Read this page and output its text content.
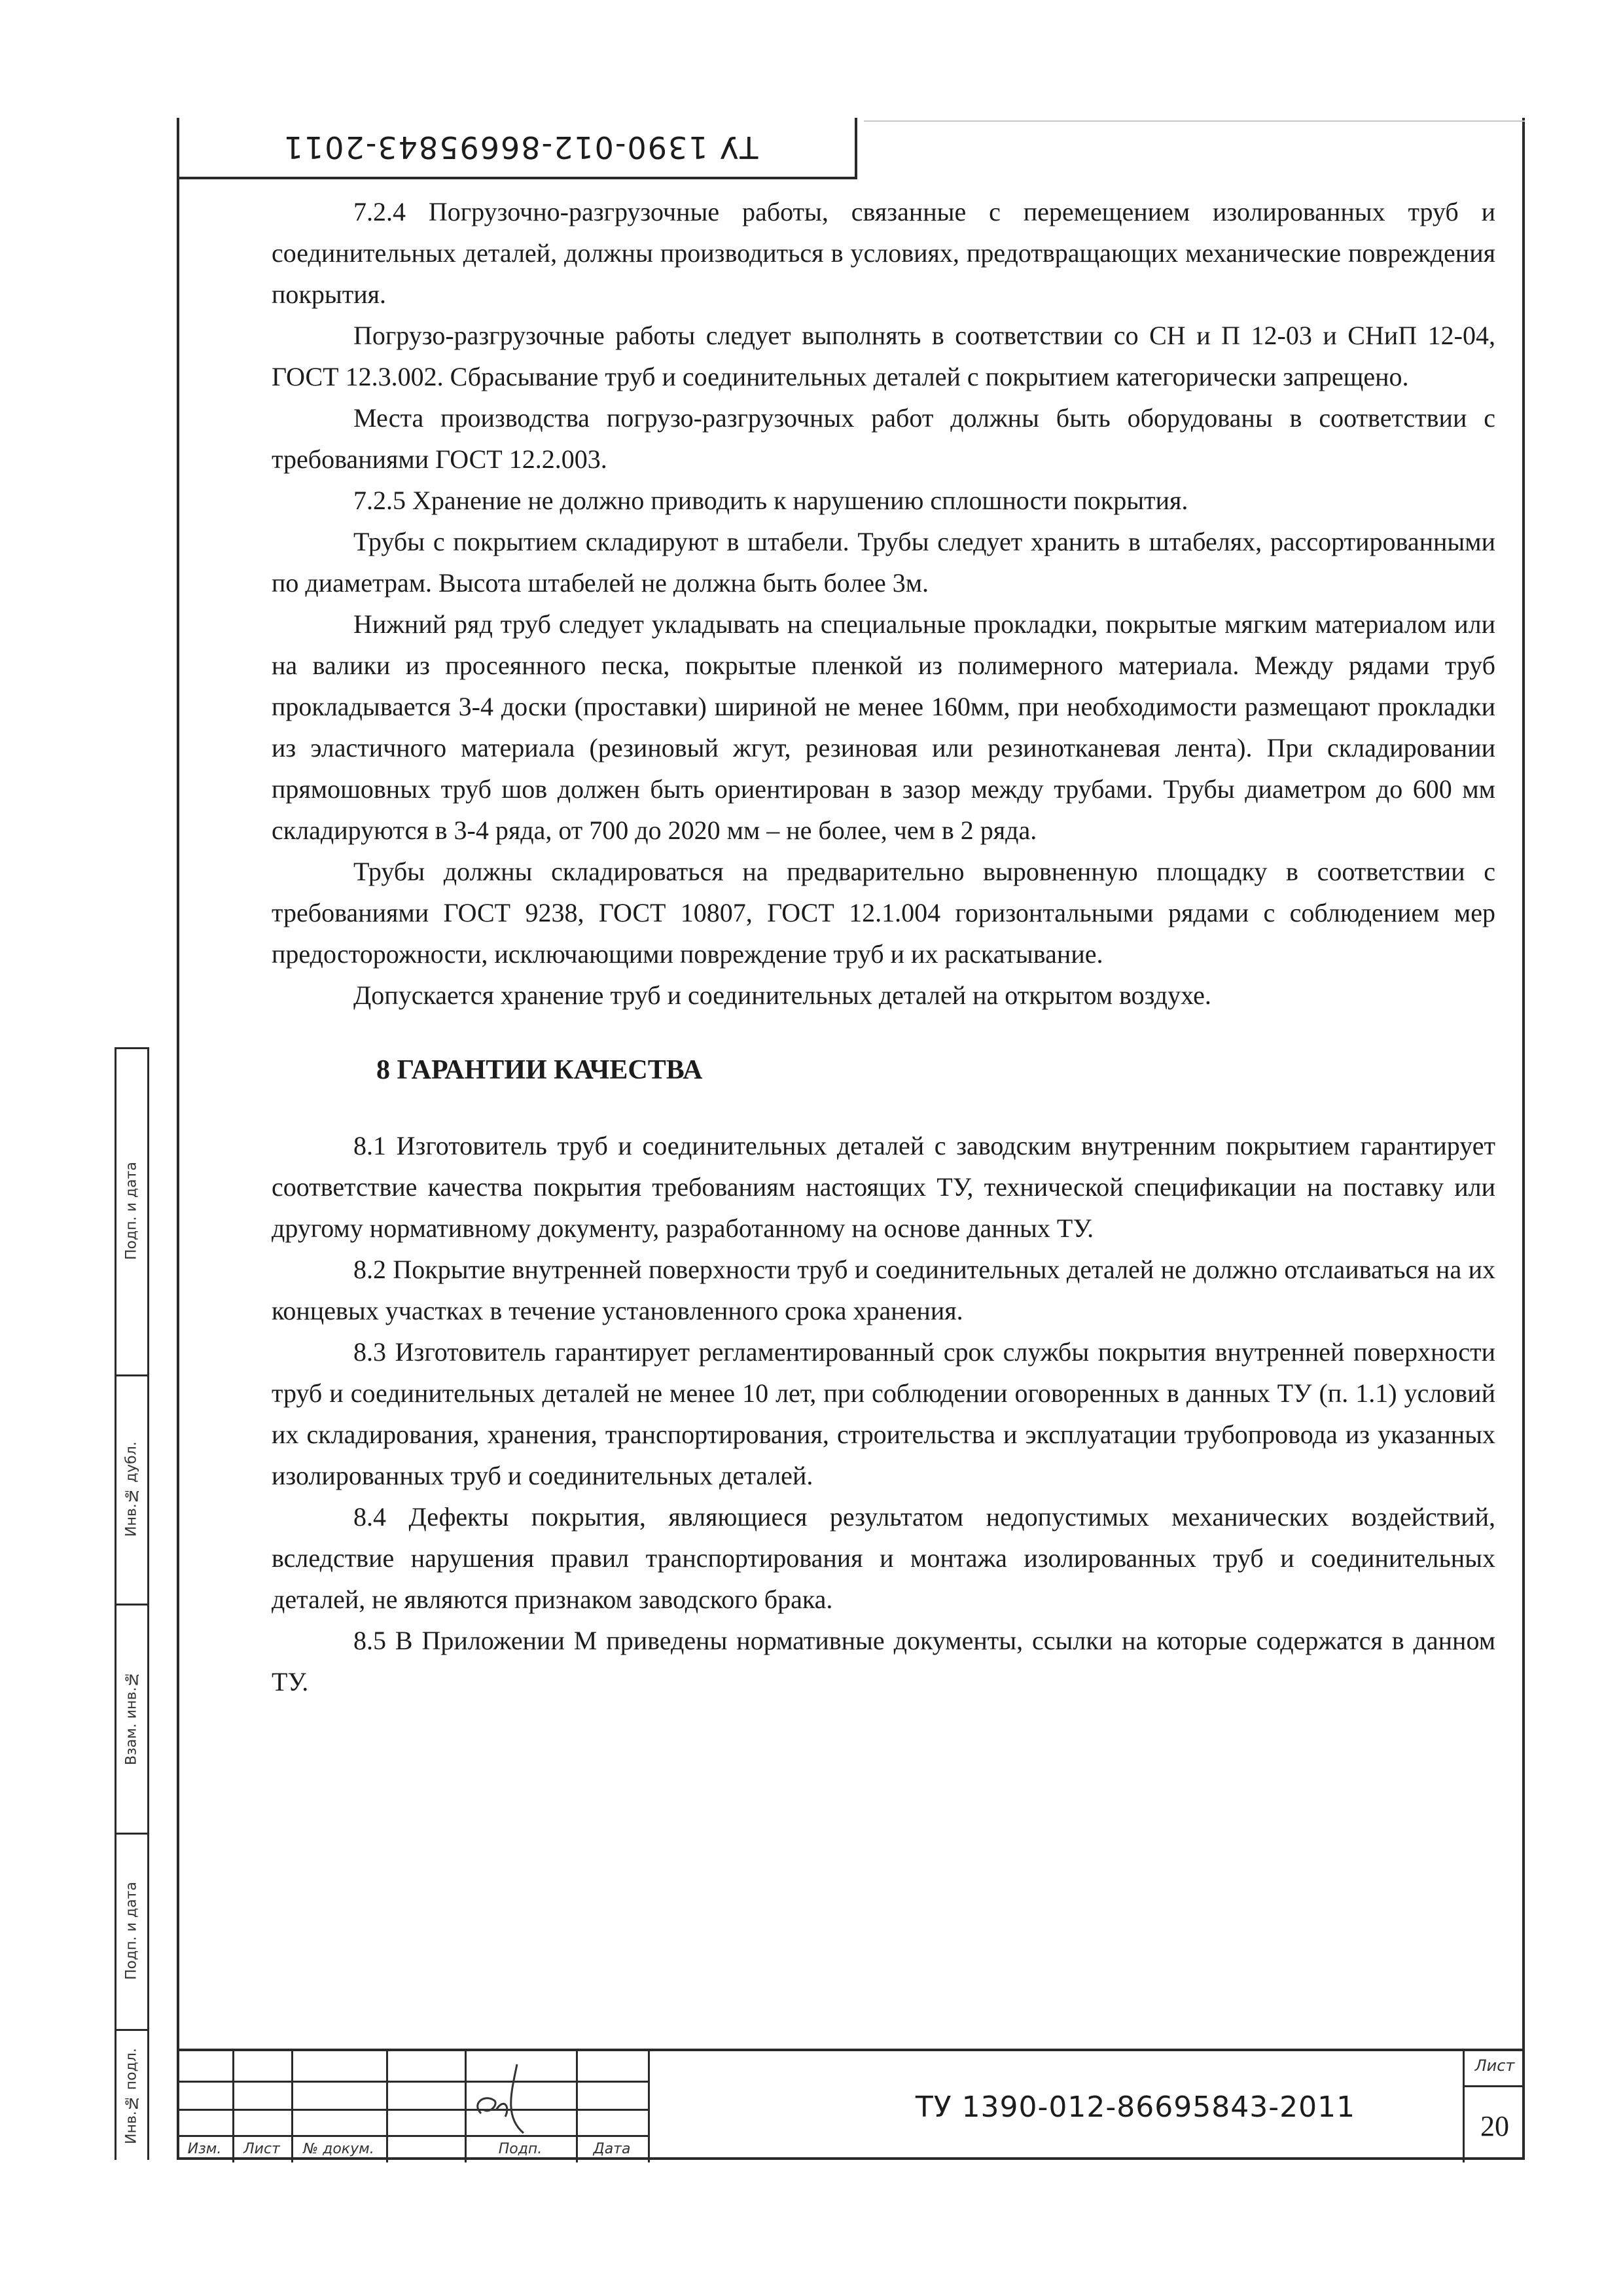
ТУ 1390-012-86695843-2011
Подп. и дата
Инв.№ дубл.
Взам. инв.№
Подп. и дата
Инв.№ подл.

7.2.4 Погрузочно-разгрузочные работы, связанные с перемещением изолированных труб и соединительных деталей, должны производиться в условиях, предотвращающих механические повреждения покрытия.

Погрузо-разгрузочные работы следует выполнять в соответствии со СН и П 12-03 и СНиП 12-04, ГОСТ 12.3.002. Сбрасывание труб и соединительных деталей с покрытием категорически запрещено.

Места производства погрузо-разгрузочных работ должны быть оборудованы в соответствии с требованиями ГОСТ 12.2.003.

7.2.5 Хранение не должно приводить к нарушению сплошности покрытия.

Трубы с покрытием складируют в штабели. Трубы следует хранить в штабелях, рассортированными по диаметрам. Высота штабелей не должна быть более 3м.

Нижний ряд труб следует укладывать на специальные прокладки, покрытые мягким материалом или на валики из просеянного песка, покрытые пленкой из полимерного материала. Между рядами труб прокладывается 3-4 доски (проставки) шириной не менее 160мм, при необходимости размещают прокладки из эластичного материала (резиновый жгут, резиновая или резинотканевая лента). При складировании прямошовных труб шов должен быть ориентирован в зазор между трубами. Трубы диаметром до 600 мм складируются в 3-4 ряда, от 700 до 2020 мм – не более, чем в 2 ряда.

Трубы должны складироваться на предварительно выровненную площадку в соответствии с требованиями ГОСТ 9238, ГОСТ 10807, ГОСТ 12.1.004 горизонтальными рядами с соблюдением мер предосторожности, исключающими повреждение труб и их раскатывание.

Допускается хранение труб и соединительных деталей на открытом воздухе.

8 ГАРАНТИИ КАЧЕСТВА

8.1 Изготовитель труб и соединительных деталей с заводским внутренним покрытием гарантирует соответствие качества покрытия требованиям настоящих ТУ, технической спецификации на поставку или другому нормативному документу, разработанному на основе данных ТУ.

8.2 Покрытие внутренней поверхности труб и соединительных деталей не должно отслаиваться на их концевых участках в течение установленного срока хранения.

8.3 Изготовитель гарантирует регламентированный срок службы покрытия внутренней поверхности труб и соединительных деталей не менее 10 лет, при соблюдении оговоренных в данных ТУ (п. 1.1) условий их складирования, хранения, транспортирования, строительства и эксплуатации трубопровода из указанных изолированных труб и соединительных деталей.

8.4 Дефекты покрытия, являющиеся результатом недопустимых механических воздействий, вследствие нарушения правил транспортирования и монтажа изолированных труб и соединительных деталей, не являются признаком заводского брака.

8.5 В Приложении М приведены нормативные документы, ссылки на которые содержатся в данном ТУ.

Изм.	Лист	№ докум.	Подп.	Дата
ТУ 1390-012-86695843-2011
Лист
20
